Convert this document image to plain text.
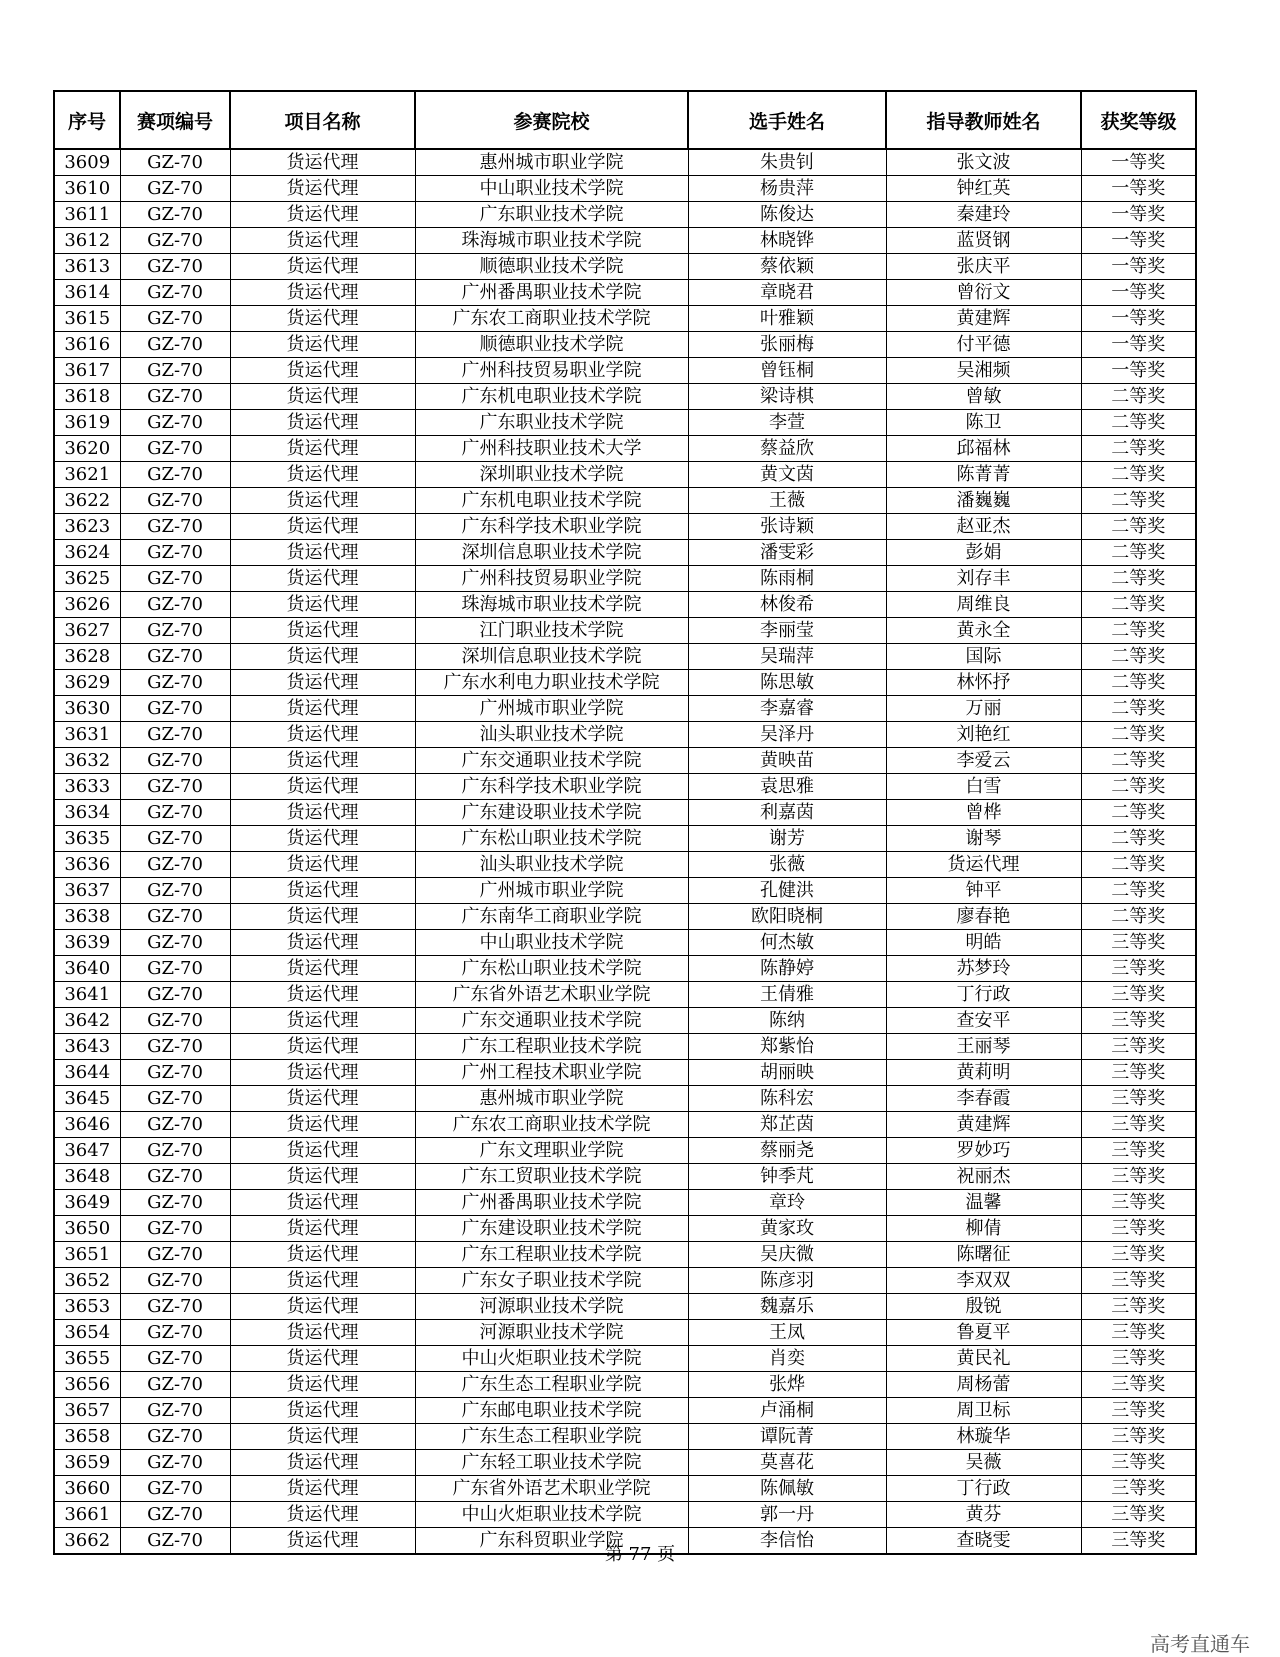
序号	赛项编号	项目名称	参赛院校	选手姓名	指导教师姓名	获奖等级
3609	GZ-70	货运代理	惠州城市职业学院	朱贵钊	张文波	一等奖
3610	GZ-70	货运代理	中山职业技术学院	杨贵萍	钟红英	一等奖
3611	GZ-70	货运代理	广东职业技术学院	陈俊达	秦建玲	一等奖
3612	GZ-70	货运代理	珠海城市职业技术学院	林晓铧	蓝贤钢	一等奖
3613	GZ-70	货运代理	顺德职业技术学院	蔡依颖	张庆平	一等奖
3614	GZ-70	货运代理	广州番禺职业技术学院	章晓君	曾衍文	一等奖
3615	GZ-70	货运代理	广东农工商职业技术学院	叶雅颖	黄建辉	一等奖
3616	GZ-70	货运代理	顺德职业技术学院	张丽梅	付平德	一等奖
3617	GZ-70	货运代理	广州科技贸易职业学院	曾钰桐	吴湘频	一等奖
3618	GZ-70	货运代理	广东机电职业技术学院	梁诗棋	曾敏	二等奖
3619	GZ-70	货运代理	广东职业技术学院	李萱	陈卫	二等奖
3620	GZ-70	货运代理	广州科技职业技术大学	蔡益欣	邱福林	二等奖
3621	GZ-70	货运代理	深圳职业技术学院	黄文茵	陈菁菁	二等奖
3622	GZ-70	货运代理	广东机电职业技术学院	王薇	潘巍巍	二等奖
3623	GZ-70	货运代理	广东科学技术职业学院	张诗颖	赵亚杰	二等奖
3624	GZ-70	货运代理	深圳信息职业技术学院	潘雯彩	彭娟	二等奖
3625	GZ-70	货运代理	广州科技贸易职业学院	陈雨桐	刘存丰	二等奖
3626	GZ-70	货运代理	珠海城市职业技术学院	林俊希	周维良	二等奖
3627	GZ-70	货运代理	江门职业技术学院	李丽莹	黄永全	二等奖
3628	GZ-70	货运代理	深圳信息职业技术学院	吴瑞萍	国际	二等奖
3629	GZ-70	货运代理	广东水利电力职业技术学院	陈思敏	林怀抒	二等奖
3630	GZ-70	货运代理	广州城市职业学院	李嘉睿	万丽	二等奖
3631	GZ-70	货运代理	汕头职业技术学院	吴泽丹	刘艳红	二等奖
3632	GZ-70	货运代理	广东交通职业技术学院	黄映苗	李爱云	二等奖
3633	GZ-70	货运代理	广东科学技术职业学院	袁思雅	白雪	二等奖
3634	GZ-70	货运代理	广东建设职业技术学院	利嘉茵	曾桦	二等奖
3635	GZ-70	货运代理	广东松山职业技术学院	谢芳	谢琴	二等奖
3636	GZ-70	货运代理	汕头职业技术学院	张薇	货运代理	二等奖
3637	GZ-70	货运代理	广州城市职业学院	孔健洪	钟平	二等奖
3638	GZ-70	货运代理	广东南华工商职业学院	欧阳晓桐	廖春艳	二等奖
3639	GZ-70	货运代理	中山职业技术学院	何杰敏	明皓	三等奖
3640	GZ-70	货运代理	广东松山职业技术学院	陈静婷	苏梦玲	三等奖
3641	GZ-70	货运代理	广东省外语艺术职业学院	王倩雅	丁行政	三等奖
3642	GZ-70	货运代理	广东交通职业技术学院	陈纳	查安平	三等奖
3643	GZ-70	货运代理	广东工程职业技术学院	郑紫怡	王丽琴	三等奖
3644	GZ-70	货运代理	广州工程技术职业学院	胡丽映	黄莉明	三等奖
3645	GZ-70	货运代理	惠州城市职业学院	陈科宏	李春霞	三等奖
3646	GZ-70	货运代理	广东农工商职业技术学院	郑芷茵	黄建辉	三等奖
3647	GZ-70	货运代理	广东文理职业学院	蔡丽尧	罗妙巧	三等奖
3648	GZ-70	货运代理	广东工贸职业技术学院	钟季芃	祝丽杰	三等奖
3649	GZ-70	货运代理	广州番禺职业技术学院	章玲	温馨	三等奖
3650	GZ-70	货运代理	广东建设职业技术学院	黄家玫	柳倩	三等奖
3651	GZ-70	货运代理	广东工程职业技术学院	吴庆微	陈曙征	三等奖
3652	GZ-70	货运代理	广东女子职业技术学院	陈彦羽	李双双	三等奖
3653	GZ-70	货运代理	河源职业技术学院	魏嘉乐	殷锐	三等奖
3654	GZ-70	货运代理	河源职业技术学院	王凤	鲁夏平	三等奖
3655	GZ-70	货运代理	中山火炬职业技术学院	肖奕	黄民礼	三等奖
3656	GZ-70	货运代理	广东生态工程职业学院	张烨	周杨蕾	三等奖
3657	GZ-70	货运代理	广东邮电职业技术学院	卢涌桐	周卫标	三等奖
3658	GZ-70	货运代理	广东生态工程职业学院	谭阮菁	林璇华	三等奖
3659	GZ-70	货运代理	广东轻工职业技术学院	莫喜花	吴薇	三等奖
3660	GZ-70	货运代理	广东省外语艺术职业学院	陈佩敏	丁行政	三等奖
3661	GZ-70	货运代理	中山火炬职业技术学院	郭一丹	黄芬	三等奖
3662	GZ-70	货运代理	广东科贸职业学院	李信怡	查晓雯	三等奖
第 77 页
高考直通车
